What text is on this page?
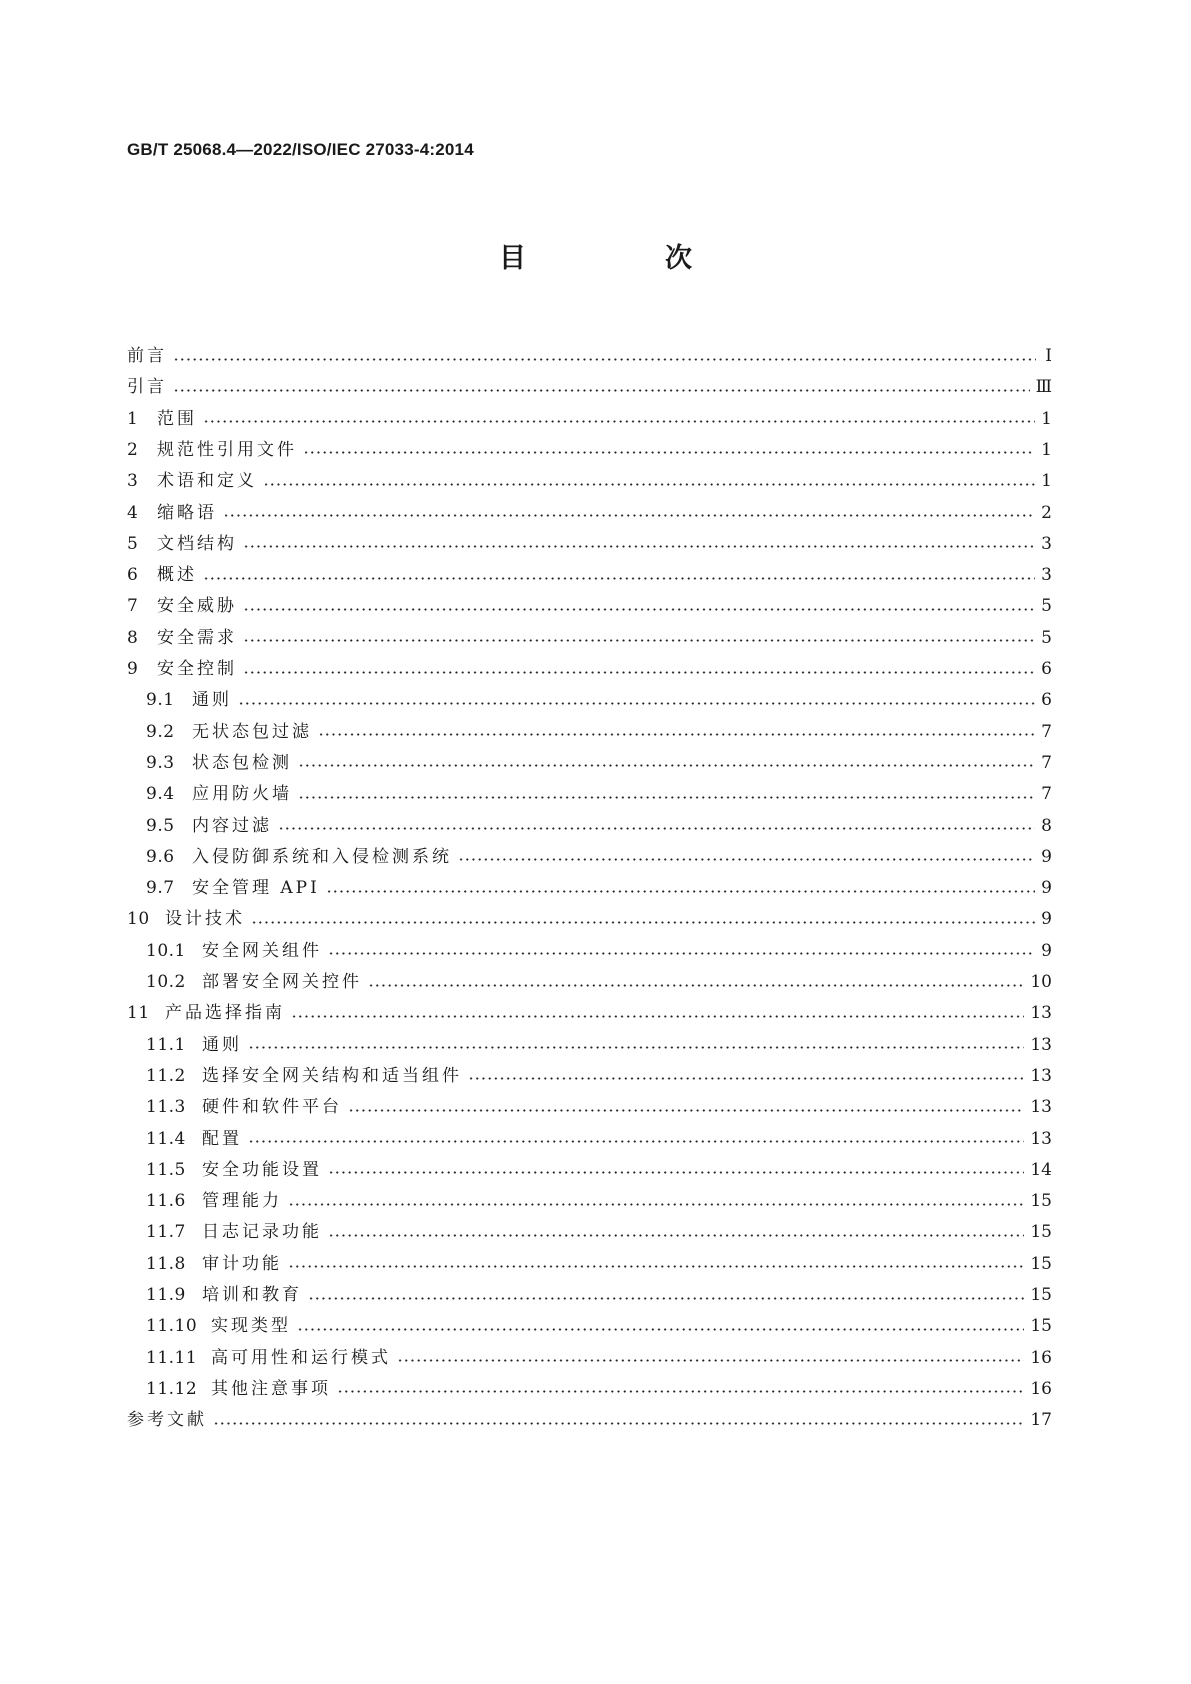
GB/T 25068.4—2022/ISO/IEC 27033-4:2014
目　次
前言	Ⅰ
引言	Ⅲ
1	范围	1
2	规范性引用文件	1
3	术语和定义	1
4	缩略语	2
5	文档结构	3
6	概述	3
7	安全威胁	5
8	安全需求	5
9	安全控制	6
9.1	通则	6
9.2	无状态包过滤	7
9.3	状态包检测	7
9.4	应用防火墙	7
9.5	内容过滤	8
9.6	入侵防御系统和入侵检测系统	9
9.7	安全管理 API	9
10 设计技术	9
10.1 安全网关组件	9
10.2 部署安全网关控件	10
11 产品选择指南	13
11.1 通则	13
11.2 选择安全网关结构和适当组件	13
11.3 硬件和软件平台	13
11.4 配置	13
11.5 安全功能设置	14
11.6 管理能力	15
11.7 日志记录功能	15
11.8 审计功能	15
11.9 培训和教育	15
11.10 实现类型	15
11.11 高可用性和运行模式	16
11.12 其他注意事项	16
参考文献	17
